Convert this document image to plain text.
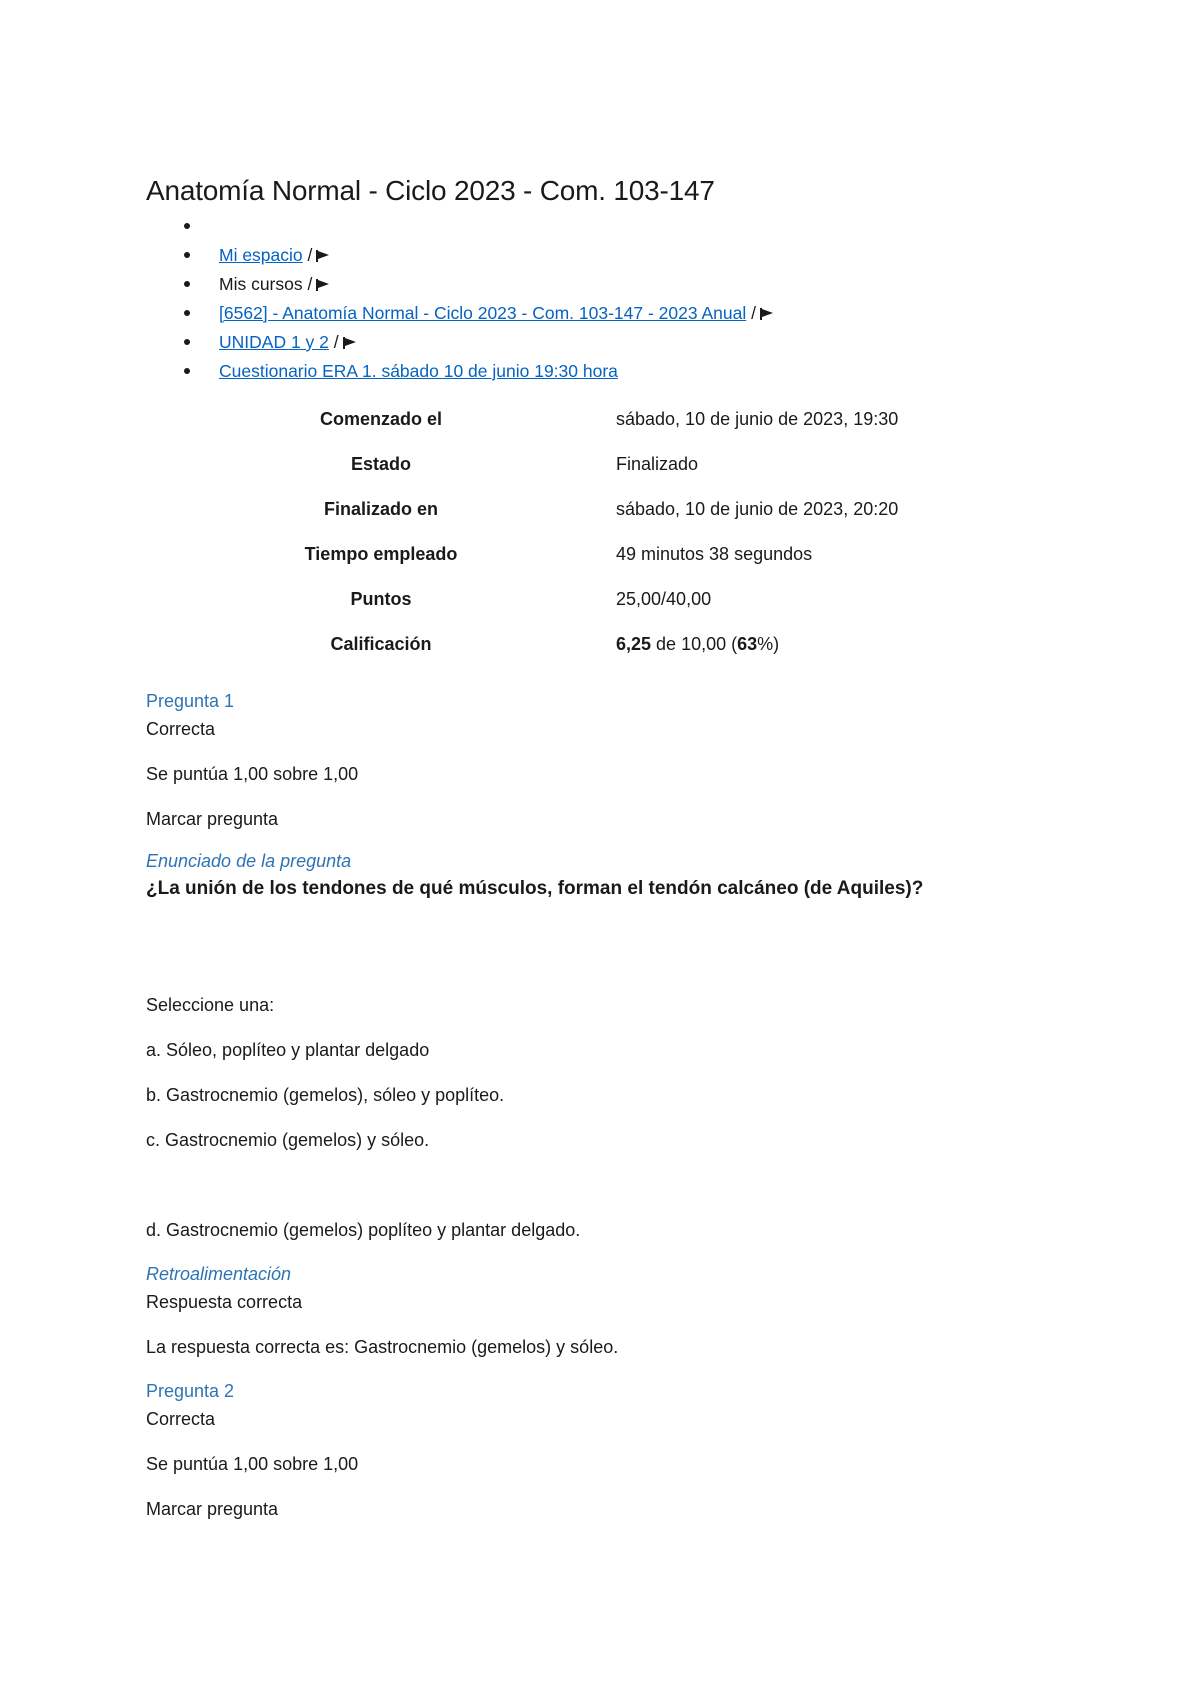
Anatomía Normal - Ciclo 2023 - Com. 103-147
Mi espacio /
Mis cursos /
[6562] - Anatomía Normal - Ciclo 2023 - Com. 103-147 - 2023 Anual /
UNIDAD 1 y 2 /
Cuestionario ERA 1. sábado 10 de junio 19:30 hora
Comenzado el	sábado, 10 de junio de 2023, 19:30
Estado	Finalizado
Finalizado en	sábado, 10 de junio de 2023, 20:20
Tiempo empleado	49 minutos 38 segundos
Puntos	25,00/40,00
Calificación	6,25 de 10,00 (63%)
Pregunta 1
Correcta
Se puntúa 1,00 sobre 1,00
Marcar pregunta
Enunciado de la pregunta
¿La unión de los tendones de qué músculos, forman el tendón calcáneo (de Aquiles)?
Seleccione una:
a. Sóleo, poplíteo y plantar delgado
b. Gastrocnemio (gemelos), sóleo y poplíteo.
c. Gastrocnemio (gemelos) y sóleo.
d. Gastrocnemio (gemelos) poplíteo y plantar delgado.
Retroalimentación
Respuesta correcta
La respuesta correcta es: Gastrocnemio (gemelos) y sóleo.
Pregunta 2
Correcta
Se puntúa 1,00 sobre 1,00
Marcar pregunta
